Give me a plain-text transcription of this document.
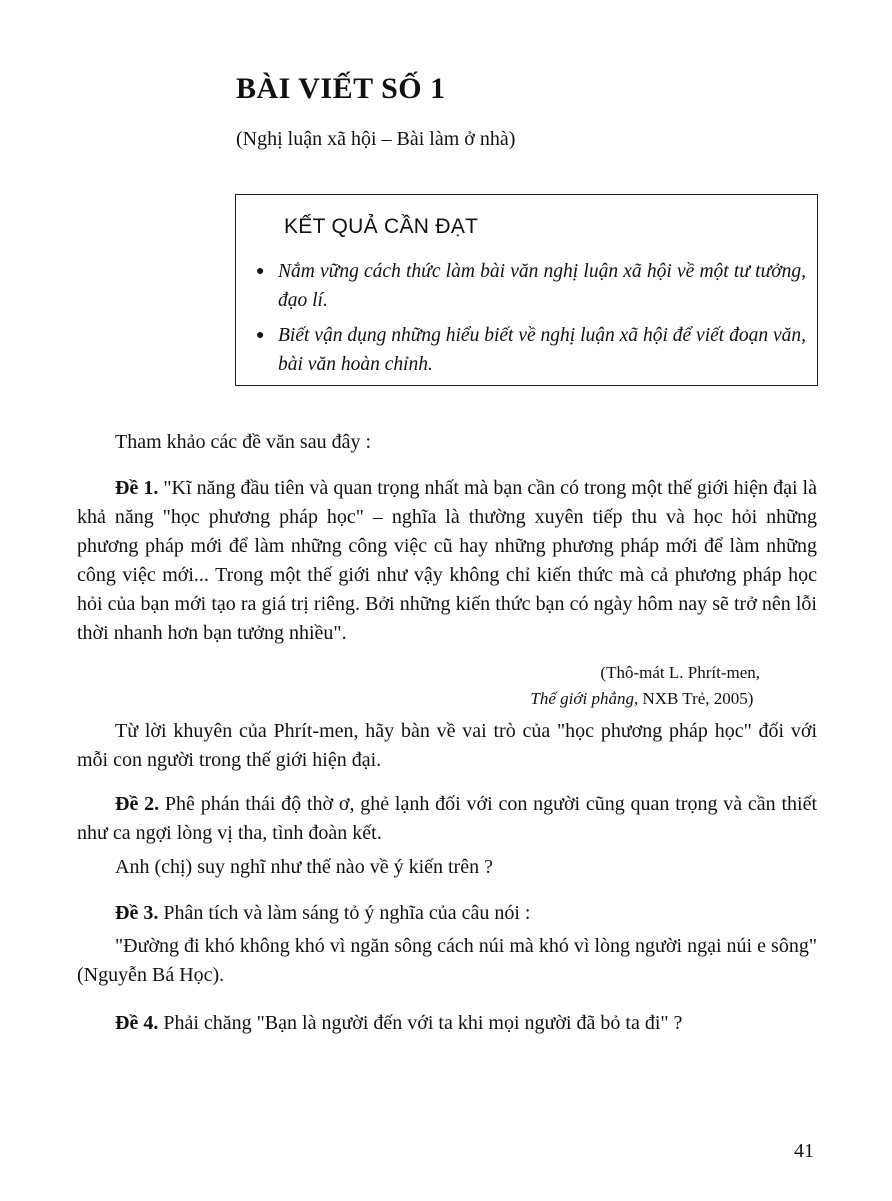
BÀI VIẾT SỐ 1
(Nghị luận xã hội – Bài làm ở nhà)
KẾT QUẢ CẦN ĐẠT
● Nắm vững cách thức làm bài văn nghị luận xã hội về một tư tưởng, đạo lí.
● Biết vận dụng những hiểu biết về nghị luận xã hội để viết đoạn văn, bài văn hoàn chỉnh.
Tham khảo các đề văn sau đây :
Đề 1. "Kĩ năng đầu tiên và quan trọng nhất mà bạn cần có trong một thế giới hiện đại là khả năng "học phương pháp học" – nghĩa là thường xuyên tiếp thu và học hỏi những phương pháp mới để làm những công việc cũ hay những phương pháp mới để làm những công việc mới... Trong một thế giới như vậy không chỉ kiến thức mà cả phương pháp học hỏi của bạn mới tạo ra giá trị riêng. Bởi những kiến thức bạn có ngày hôm nay sẽ trở nên lỗi thời nhanh hơn bạn tưởng nhiều".
(Thô-mát L. Phrít-men,
Thế giới phẳng, NXB Trẻ, 2005)
Từ lời khuyên của Phrít-men, hãy bàn về vai trò của "học phương pháp học" đối với mỗi con người trong thế giới hiện đại.
Đề 2. Phê phán thái độ thờ ơ, ghẻ lạnh đối với con người cũng quan trọng và cần thiết như ca ngợi lòng vị tha, tình đoàn kết.
Anh (chị) suy nghĩ như thế nào về ý kiến trên ?
Đề 3. Phân tích và làm sáng tỏ ý nghĩa của câu nói :
"Đường đi khó không khó vì ngăn sông cách núi mà khó vì lòng người ngại núi e sông" (Nguyễn Bá Học).
Đề 4. Phải chăng "Bạn là người đến với ta khi mọi người đã bỏ ta đi" ?
41
